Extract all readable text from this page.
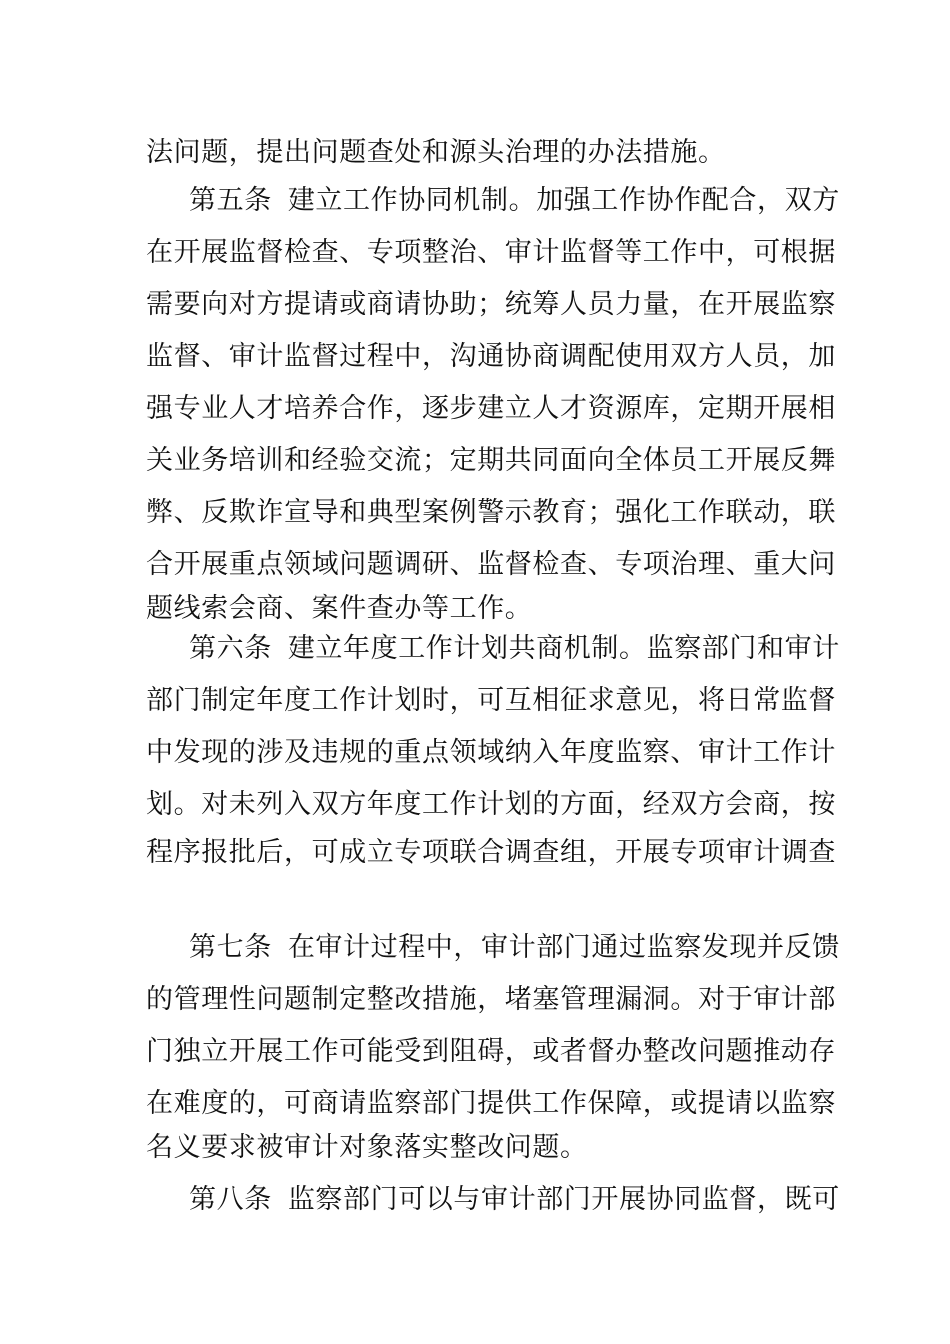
法问题，提出问题查处和源头治理的办法措施。
第五条 建立工作协同机制。加强工作协作配合，双方
在开展监督检查、专项整治、审计监督等工作中，可根据
需要向对方提请或商请协助；统筹人员力量，在开展监察
监督、审计监督过程中，沟通协商调配使用双方人员，加
强专业人才培养合作，逐步建立人才资源库，定期开展相
关业务培训和经验交流；定期共同面向全体员工开展反舞
弊、反欺诈宣导和典型案例警示教育；强化工作联动，联
合开展重点领域问题调研、监督检查、专项治理、重大问
题线索会商、案件查办等工作。
第六条 建立年度工作计划共商机制。监察部门和审计
部门制定年度工作计划时，可互相征求意见，将日常监督
中发现的涉及违规的重点领域纳入年度监察、审计工作计
划。对未列入双方年度工作计划的方面，经双方会商，按
程序报批后，可成立专项联合调查组，开展专项审计调查
第七条 在审计过程中，审计部门通过监察发现并反馈
的管理性问题制定整改措施，堵塞管理漏洞。对于审计部
门独立开展工作可能受到阻碍，或者督办整改问题推动存
在难度的，可商请监察部门提供工作保障，或提请以监察
名义要求被审计对象落实整改问题。
第八条 监察部门可以与审计部门开展协同监督，既可
